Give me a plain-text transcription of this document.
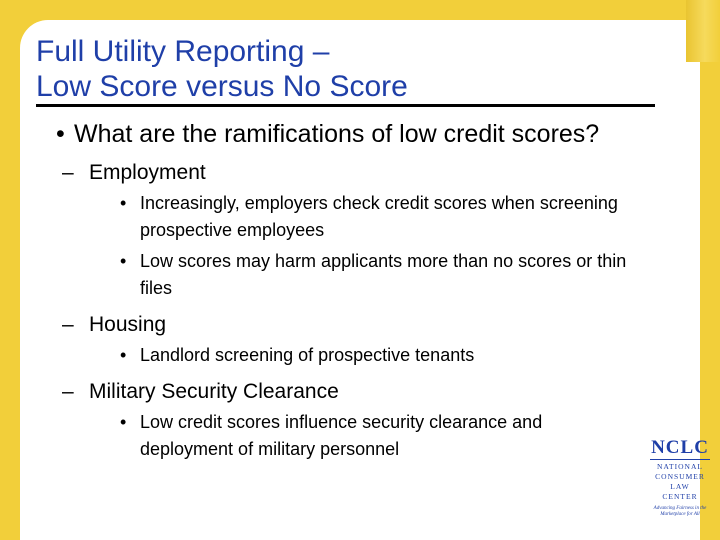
Full Utility Reporting –
Low Score versus No Score

• What are the ramifications of low credit scores?

– Employment
• Increasingly, employers check credit scores when screening prospective employees
• Low scores may harm applicants more than no scores or thin files
– Housing
• Landlord screening of prospective tenants
– Military Security Clearance
• Low credit scores influence security clearance and deployment of military personnel	NCLC
NATIONAL
CONSUMER
LAW
CENTER
Advancing Fairness in the Marketplace for All
